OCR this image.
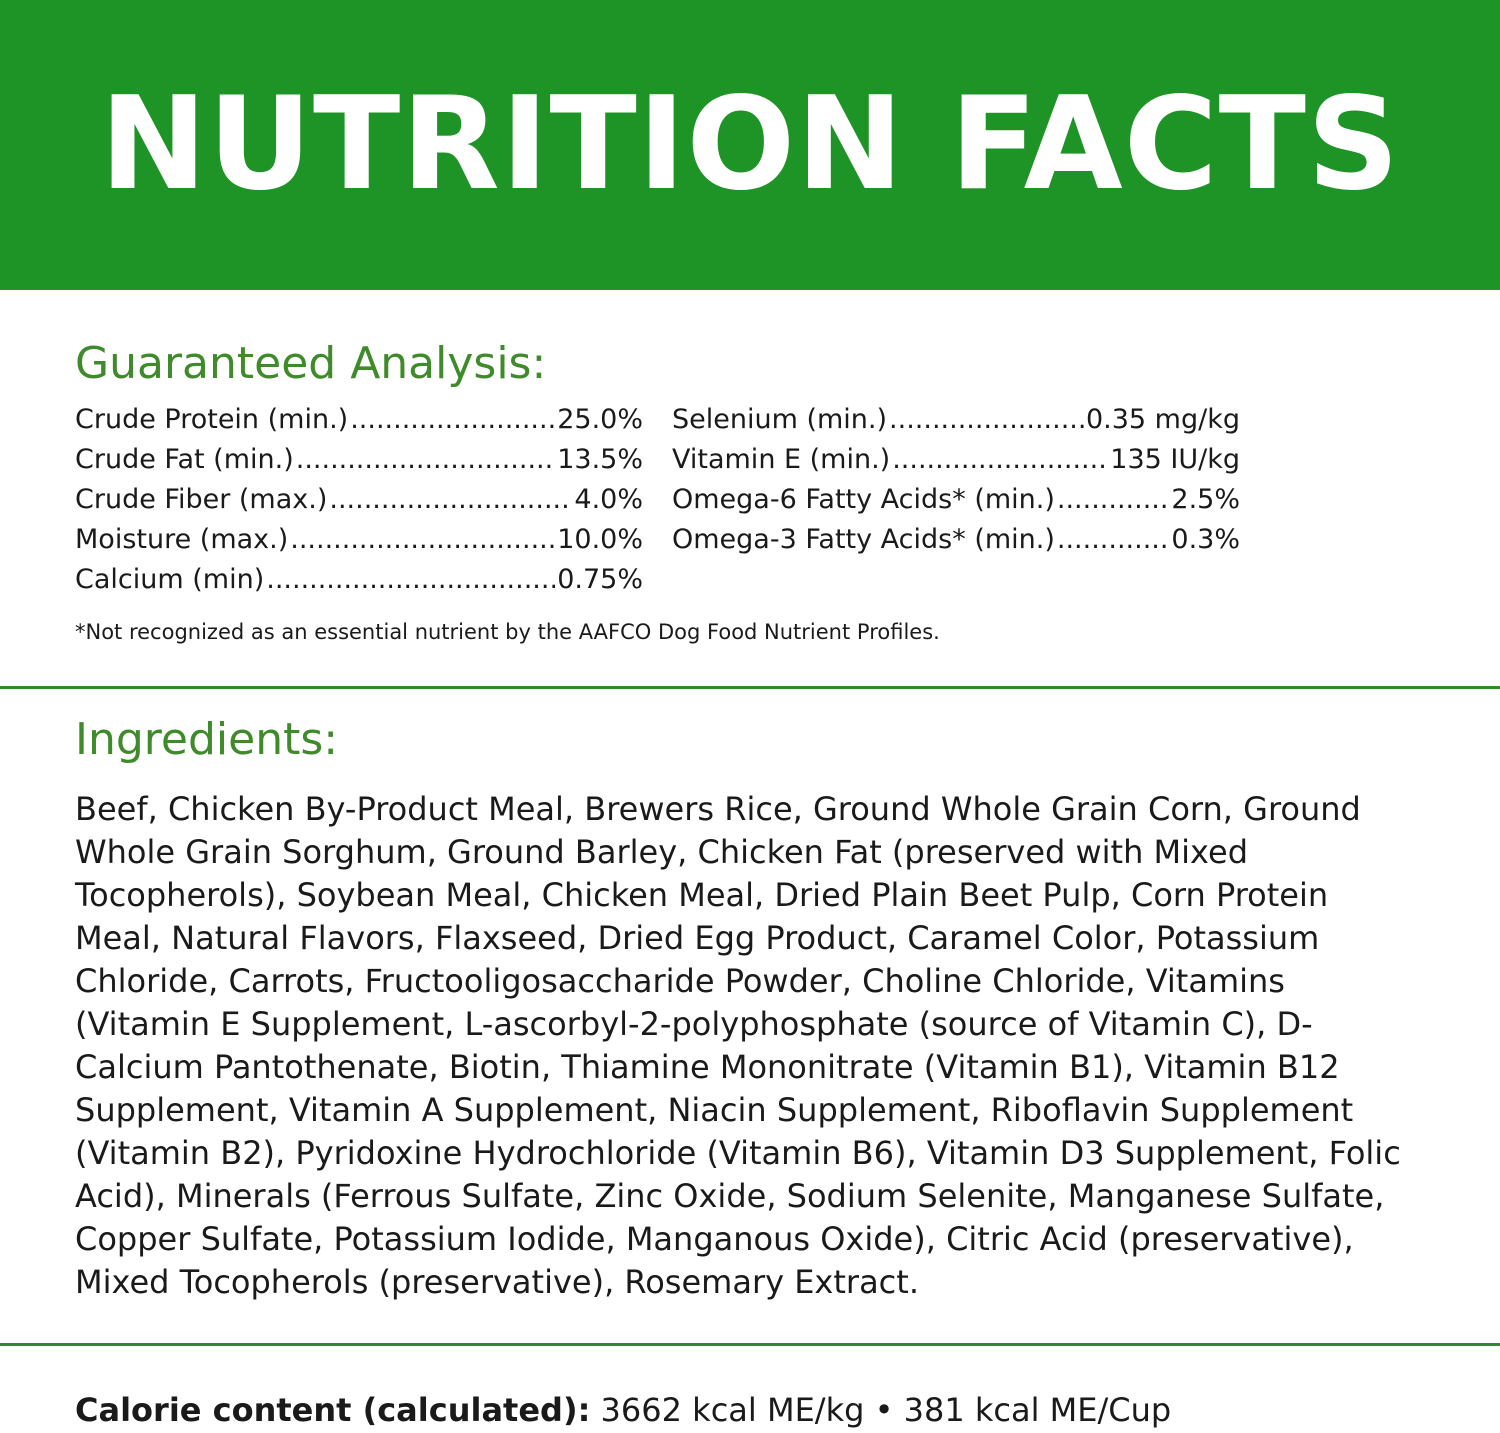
NUTRITION FACTS
Guaranteed Analysis:
Crude Protein (min.) .....	25.0%
Crude Fat (min.) .....	13.5%
Crude Fiber (max.) .....	4.0%
Moisture (max.) .....	10.0%
Calcium (min) .....	0.75%
Selenium (min.) .....	0.35 mg/kg
Vitamin E (min.) .....	135 IU/kg
Omega-6 Fatty Acids* (min.) .....	2.5%
Omega-3 Fatty Acids* (min.) .....	0.3%
*Not recognized as an essential nutrient by the AAFCO Dog Food Nutrient Profiles.
Ingredients:

Beef, Chicken By-Product Meal, Brewers Rice, Ground Whole Grain Corn, Ground Whole Grain Sorghum, Ground Barley, Chicken Fat (preserved with Mixed Tocopherols), Soybean Meal, Chicken Meal, Dried Plain Beet Pulp, Corn Protein Meal, Natural Flavors, Flaxseed, Dried Egg Product, Caramel Color, Potassium Chloride, Carrots, Fructooligosaccharide Powder, Choline Chloride, Vitamins (Vitamin E Supplement, L-ascorbyl-2-polyphosphate (source of Vitamin C), D-Calcium Pantothenate, Biotin, Thiamine Mononitrate (Vitamin B1), Vitamin B12 Supplement, Vitamin A Supplement, Niacin Supplement, Riboflavin Supplement (Vitamin B2), Pyridoxine Hydrochloride (Vitamin B6), Vitamin D3 Supplement, Folic Acid), Minerals (Ferrous Sulfate, Zinc Oxide, Sodium Selenite, Manganese Sulfate, Copper Sulfate, Potassium Iodide, Manganous Oxide), Citric Acid (preservative), Mixed Tocopherols (preservative), Rosemary Extract.

Calorie content (calculated): 3662 kcal ME/kg • 381 kcal ME/Cup
